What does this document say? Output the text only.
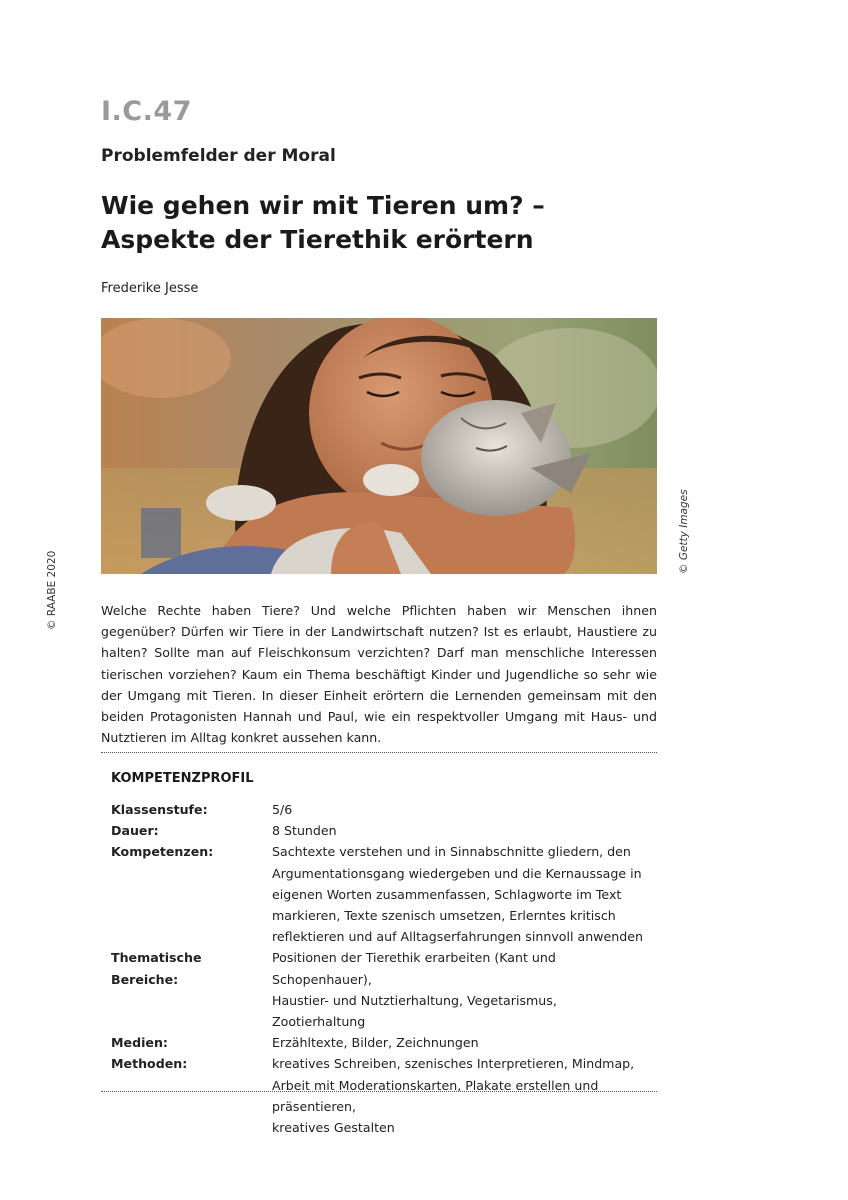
I.C.47
Problemfelder der Moral
Wie gehen wir mit Tieren um? –
Aspekte der Tierethik erörtern
Frederike Jesse
© Getty Images
© RAABE 2020	Welche Rechte haben Tiere? Und welche Pflichten haben wir Menschen ihnen gegenüber? Dürfen wir Tiere in der Landwirtschaft nutzen? Ist es erlaubt, Haustiere zu halten? Sollte man auf Fleischkonsum verzichten? Darf man menschliche Interessen tierischen vorziehen? Kaum ein Thema beschäftigt Kinder und Jugendliche so sehr wie der Umgang mit Tieren. In dieser Einheit erörtern die Lernenden gemeinsam mit den beiden Protagonisten Hannah und Paul, wie ein respektvoller Umgang mit Haus- und Nutztieren im Alltag konkret aussehen kann.
KOMPETENZPROFIL
Klassenstufe:	5/6
Dauer:	8 Stunden
Kompetenzen:	Sachtexte verstehen und in Sinnabschnitte gliedern, den
Argumentationsgang wiedergeben und die Kernaussage in
eigenen Worten zusammenfassen, Schlagworte im Text
markieren, Texte szenisch umsetzen, Erlerntes kritisch
reflektieren und auf Alltagserfahrungen sinnvoll anwenden
Thematische Bereiche:
Positionen der Tierethik erarbeiten (Kant und Schopenhauer),
Haustier- und Nutztierhaltung, Vegetarismus, Zootierhaltung
Medien:	Erzähltexte, Bilder, Zeichnungen
Methoden:	kreatives Schreiben, szenisches Interpretieren, Mindmap,
Arbeit mit Moderationskarten, Plakate erstellen und präsentieren,
kreatives Gestalten
